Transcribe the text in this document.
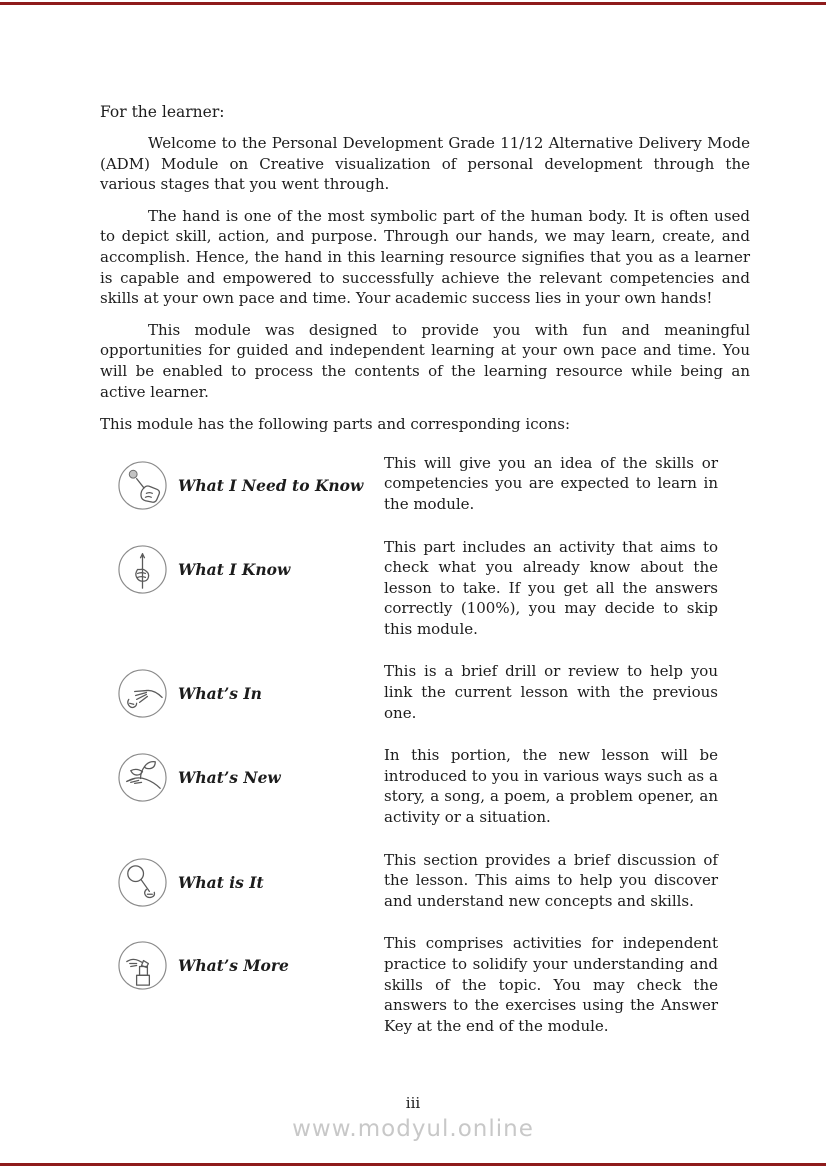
For the learner:

Welcome to the Personal Development Grade 11/12 Alternative Delivery Mode (ADM) Module on Creative visualization of personal development through the various stages that you went through.

The hand is one of the most symbolic part of the human body. It is often used to depict skill, action, and purpose. Through our hands, we may learn, create, and accomplish. Hence, the hand in this learning resource signifies that you as a learner is capable and empowered to successfully achieve the relevant competencies and skills at your own pace and time. Your academic success lies in your own hands!

This module was designed to provide you with fun and meaningful opportunities for guided and independent learning at your own pace and time. You will be enabled to process the contents of the learning resource while being an active learner.

This module has the following parts and corresponding icons:
What I Need to Know
This will give you an idea of the skills or competencies you are expected to learn in the module.
What I Know
This part includes an activity that aims to check what you already know about the lesson to take. If you get all the answers correctly (100%), you may decide to skip this module.
What’s In
This is a brief drill or review to help you link the current lesson with the previous one.
What’s New
In this portion, the new lesson will be introduced to you in various ways such as a story, a song, a poem, a problem opener, an activity or a situation.
What is It
This section provides a brief discussion of the lesson. This aims to help you discover and understand new concepts and skills.
What’s More
This comprises activities for independent practice to solidify your understanding and skills of the topic. You may check the answers to the exercises using the Answer Key at the end of the module.
iii
www.modyul.online
